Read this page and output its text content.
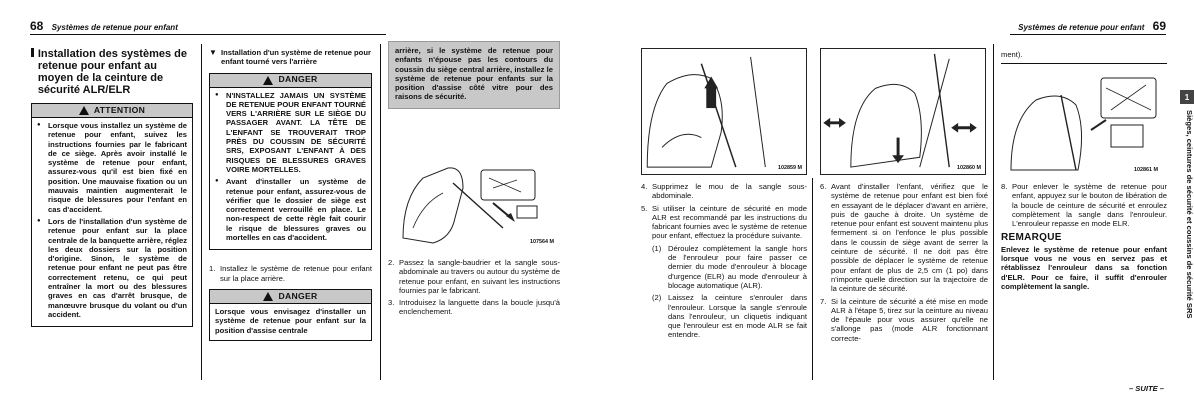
68 Systèmes de retenue pour enfant
Installation des systèmes de retenue pour enfant au moyen de la ceinture de sécurité ALR/ELR
ATTENTION
● Lorsque vous installez un système de retenue pour enfant, suivez les instructions fournies par le fabricant de ce siège. Après avoir installé le système de retenue pour enfant, assurez-vous qu'il est bien fixé en position. Une mauvaise fixation ou un mauvais maintien augmenterait le risque de blessures pour l'enfant en cas d'accident.
● Lors de l'installation d'un système de retenue pour enfant sur la place centrale de la banquette arrière, réglez les deux dossiers sur la position d'origine. Sinon, le système de retenue pour enfant ne peut pas être correctement retenu, ce qui peut entraîner la mort ou des blessures graves en cas d'arrêt brusque, de manœuvre brusque du volant ou d'un accident.
▼ Installation d'un système de retenue pour enfant tourné vers l'arrière
DANGER
● N'INSTALLEZ JAMAIS UN SYSTÈME DE RETENUE POUR ENFANT TOURNÉ VERS L'ARRIÈRE SUR LE SIÈGE DU PASSAGER AVANT. LA TÊTE DE L'ENFANT SE TROUVERAIT TROP PRÈS DU COUSSIN DE SÉCURITÉ SRS, EXPOSANT L'ENFANT À DES RISQUES DE BLESSURES GRAVES VOIRE MORTELLES.
● Avant d'installer un système de retenue pour enfant, assurez-vous de vérifier que le dossier de siège est correctement verrouillé en place. Le non-respect de cette règle fait courir le risque de blessures graves ou mortelles en cas d'accident.
1. Installez le système de retenue pour enfant sur la place arrière.
DANGER
Lorsque vous envisagez d'installer un système de retenue pour enfant sur la position d'assise centrale
arrière, si le système de retenue pour enfants n'épouse pas les contours du coussin du siège central arrière, installez le système de retenue pour enfants sur la position d'assise côté vitre pour des raisons de sécurité.
107564 M
2. Passez la sangle-baudrier et la sangle sous-abdominale au travers ou autour du système de retenue pour enfant, en suivant les instructions fournies par le fabricant.
3. Introduisez la languette dans la boucle jusqu'à enclenchement.
Systèmes de retenue pour enfant 69
102859 M	102860 M
4. Supprimez le mou de la sangle sous-abdominale.
5. Si utiliser la ceinture de sécurité en mode ALR est recommandé par les instructions du fabricant fournies avec le système de retenue pour enfant, effectuez la procédure suivante.
(1) Déroulez complètement la sangle hors de l'enrouleur pour faire passer ce dernier du mode d'enrouleur à blocage d'urgence (ELR) au mode d'enrouleur à blocage automatique (ALR).
(2) Laissez la ceinture s'enrouler dans l'enrouleur. Lorsque la sangle s'enroule dans l'enrouleur, un cliquetis indiquant que l'enrouleur est en mode ALR se fait entendre.
6. Avant d'installer l'enfant, vérifiez que le système de retenue pour enfant est bien fixé en essayant de le déplacer d'avant en arrière, puis de gauche à droite. Un système de retenue pour enfant est souvent maintenu plus fermement si on l'enfonce le plus possible dans le coussin de siège avant de serrer la ceinture de sécurité. Il ne doit pas être possible de déplacer le système de retenue pour enfant de plus de 2,5 cm (1 po) dans n'importe quelle direction sur la trajectoire de la ceinture de sécurité.
7. Si la ceinture de sécurité a été mise en mode ALR à l'étape 5, tirez sur la ceinture au niveau de l'épaule pour vous assurer qu'elle ne s'allonge pas (mode ALR fonctionnant correcte-
ment).
102861 M
8. Pour enlever le système de retenue pour enfant, appuyez sur le bouton de libération de la boucle de ceinture de sécurité et enroulez complètement la sangle dans l'enrouleur. L'enrouleur repasse en mode ELR.
REMARQUE
Enlevez le système de retenue pour enfant lorsque vous ne vous en servez pas et rétablissez l'enrouleur dans sa fonction d'ELR. Pour ce faire, il suffit d'enrouler complètement la sangle.
1
Sièges, ceintures de sécurité et coussins de sécurité SRS
– SUITE –
